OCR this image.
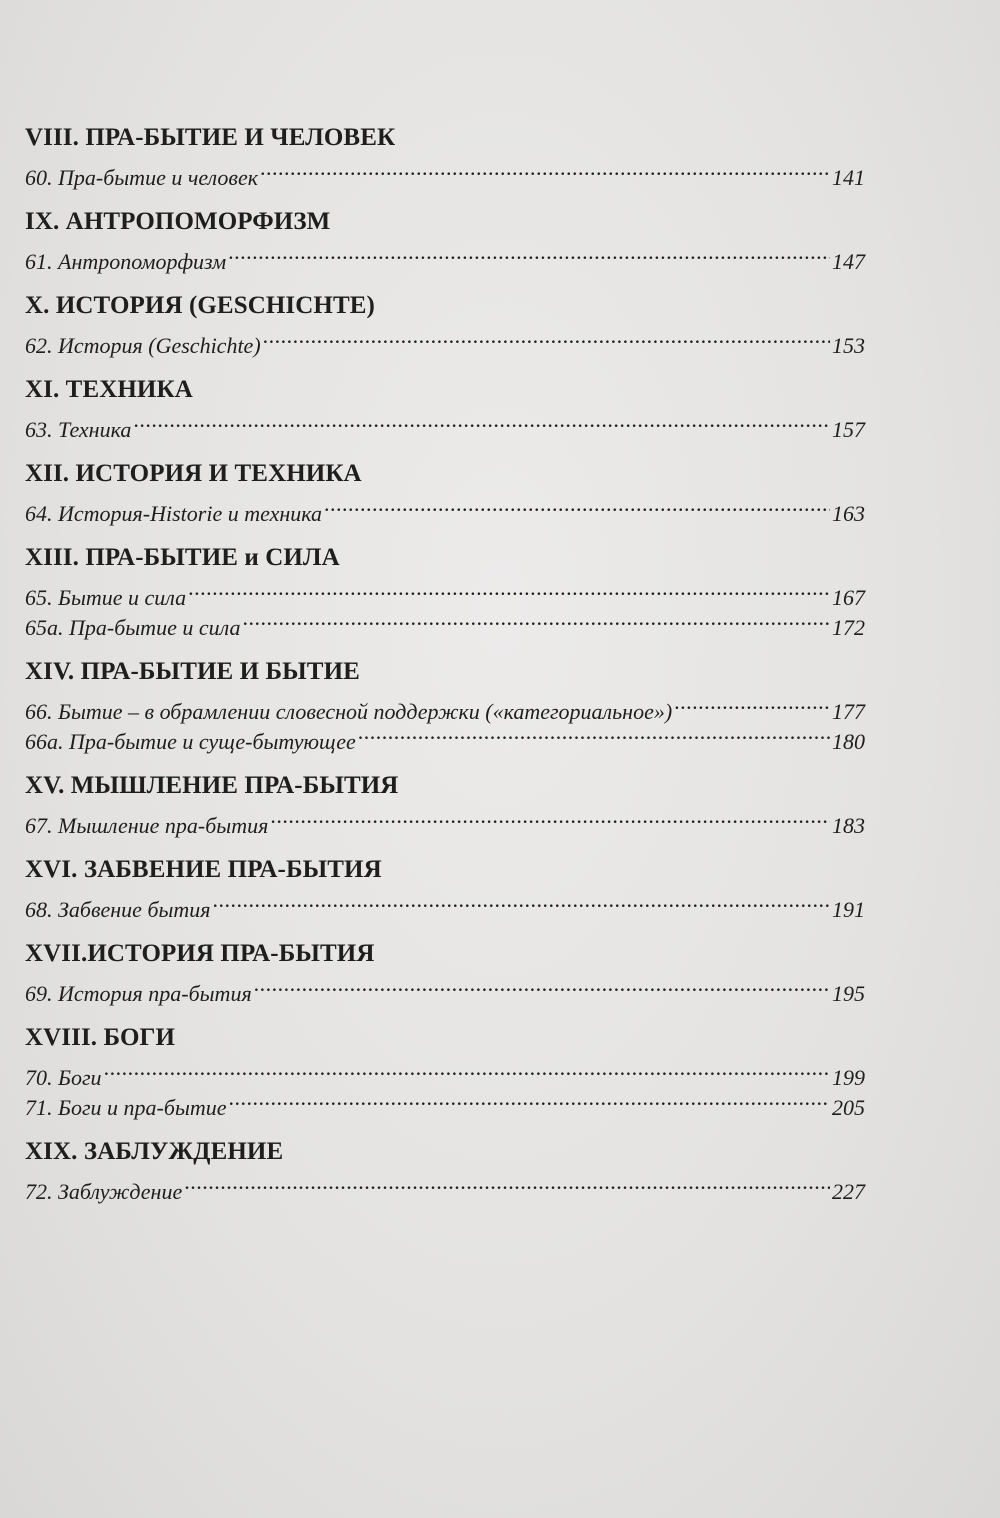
VIII. ПРА-БЫТИЕ И ЧЕЛОВЕК
60. Пра-бытие и человек .....	141
IX. АНТРОПОМОРФИЗМ
61. Антропоморфизм .....	147
X. ИСТОРИЯ (GESCHICHTE)
62. История (Geschichte) .....	153
XI. ТЕХНИКА
63. Техника .....	157
XII. ИСТОРИЯ И ТЕХНИКА
64. История-Historie и техника .....	163
XIII. ПРА-БЫТИЕ и СИЛА
65. Бытие и сила .....	167
65а. Пра-бытие и сила .....	172
XIV. ПРА-БЫТИЕ И БЫТИЕ
66. Бытие – в обрамлении словесной поддержки («категориальное») .....	177
66а. Пра-бытие и суще-бытующее .....	180
XV. МЫШЛЕНИЕ ПРА-БЫТИЯ
67. Мышление пра-бытия .....	183
XVI. ЗАБВЕНИЕ ПРА-БЫТИЯ
68. Забвение бытия .....	191
XVII.ИСТОРИЯ ПРА-БЫТИЯ
69. История пра-бытия .....	195
XVIII. БОГИ
70. Боги .....	199
71. Боги и пра-бытие .....	205
XIX. ЗАБЛУЖДЕНИЕ
72. Заблуждение .....	227
